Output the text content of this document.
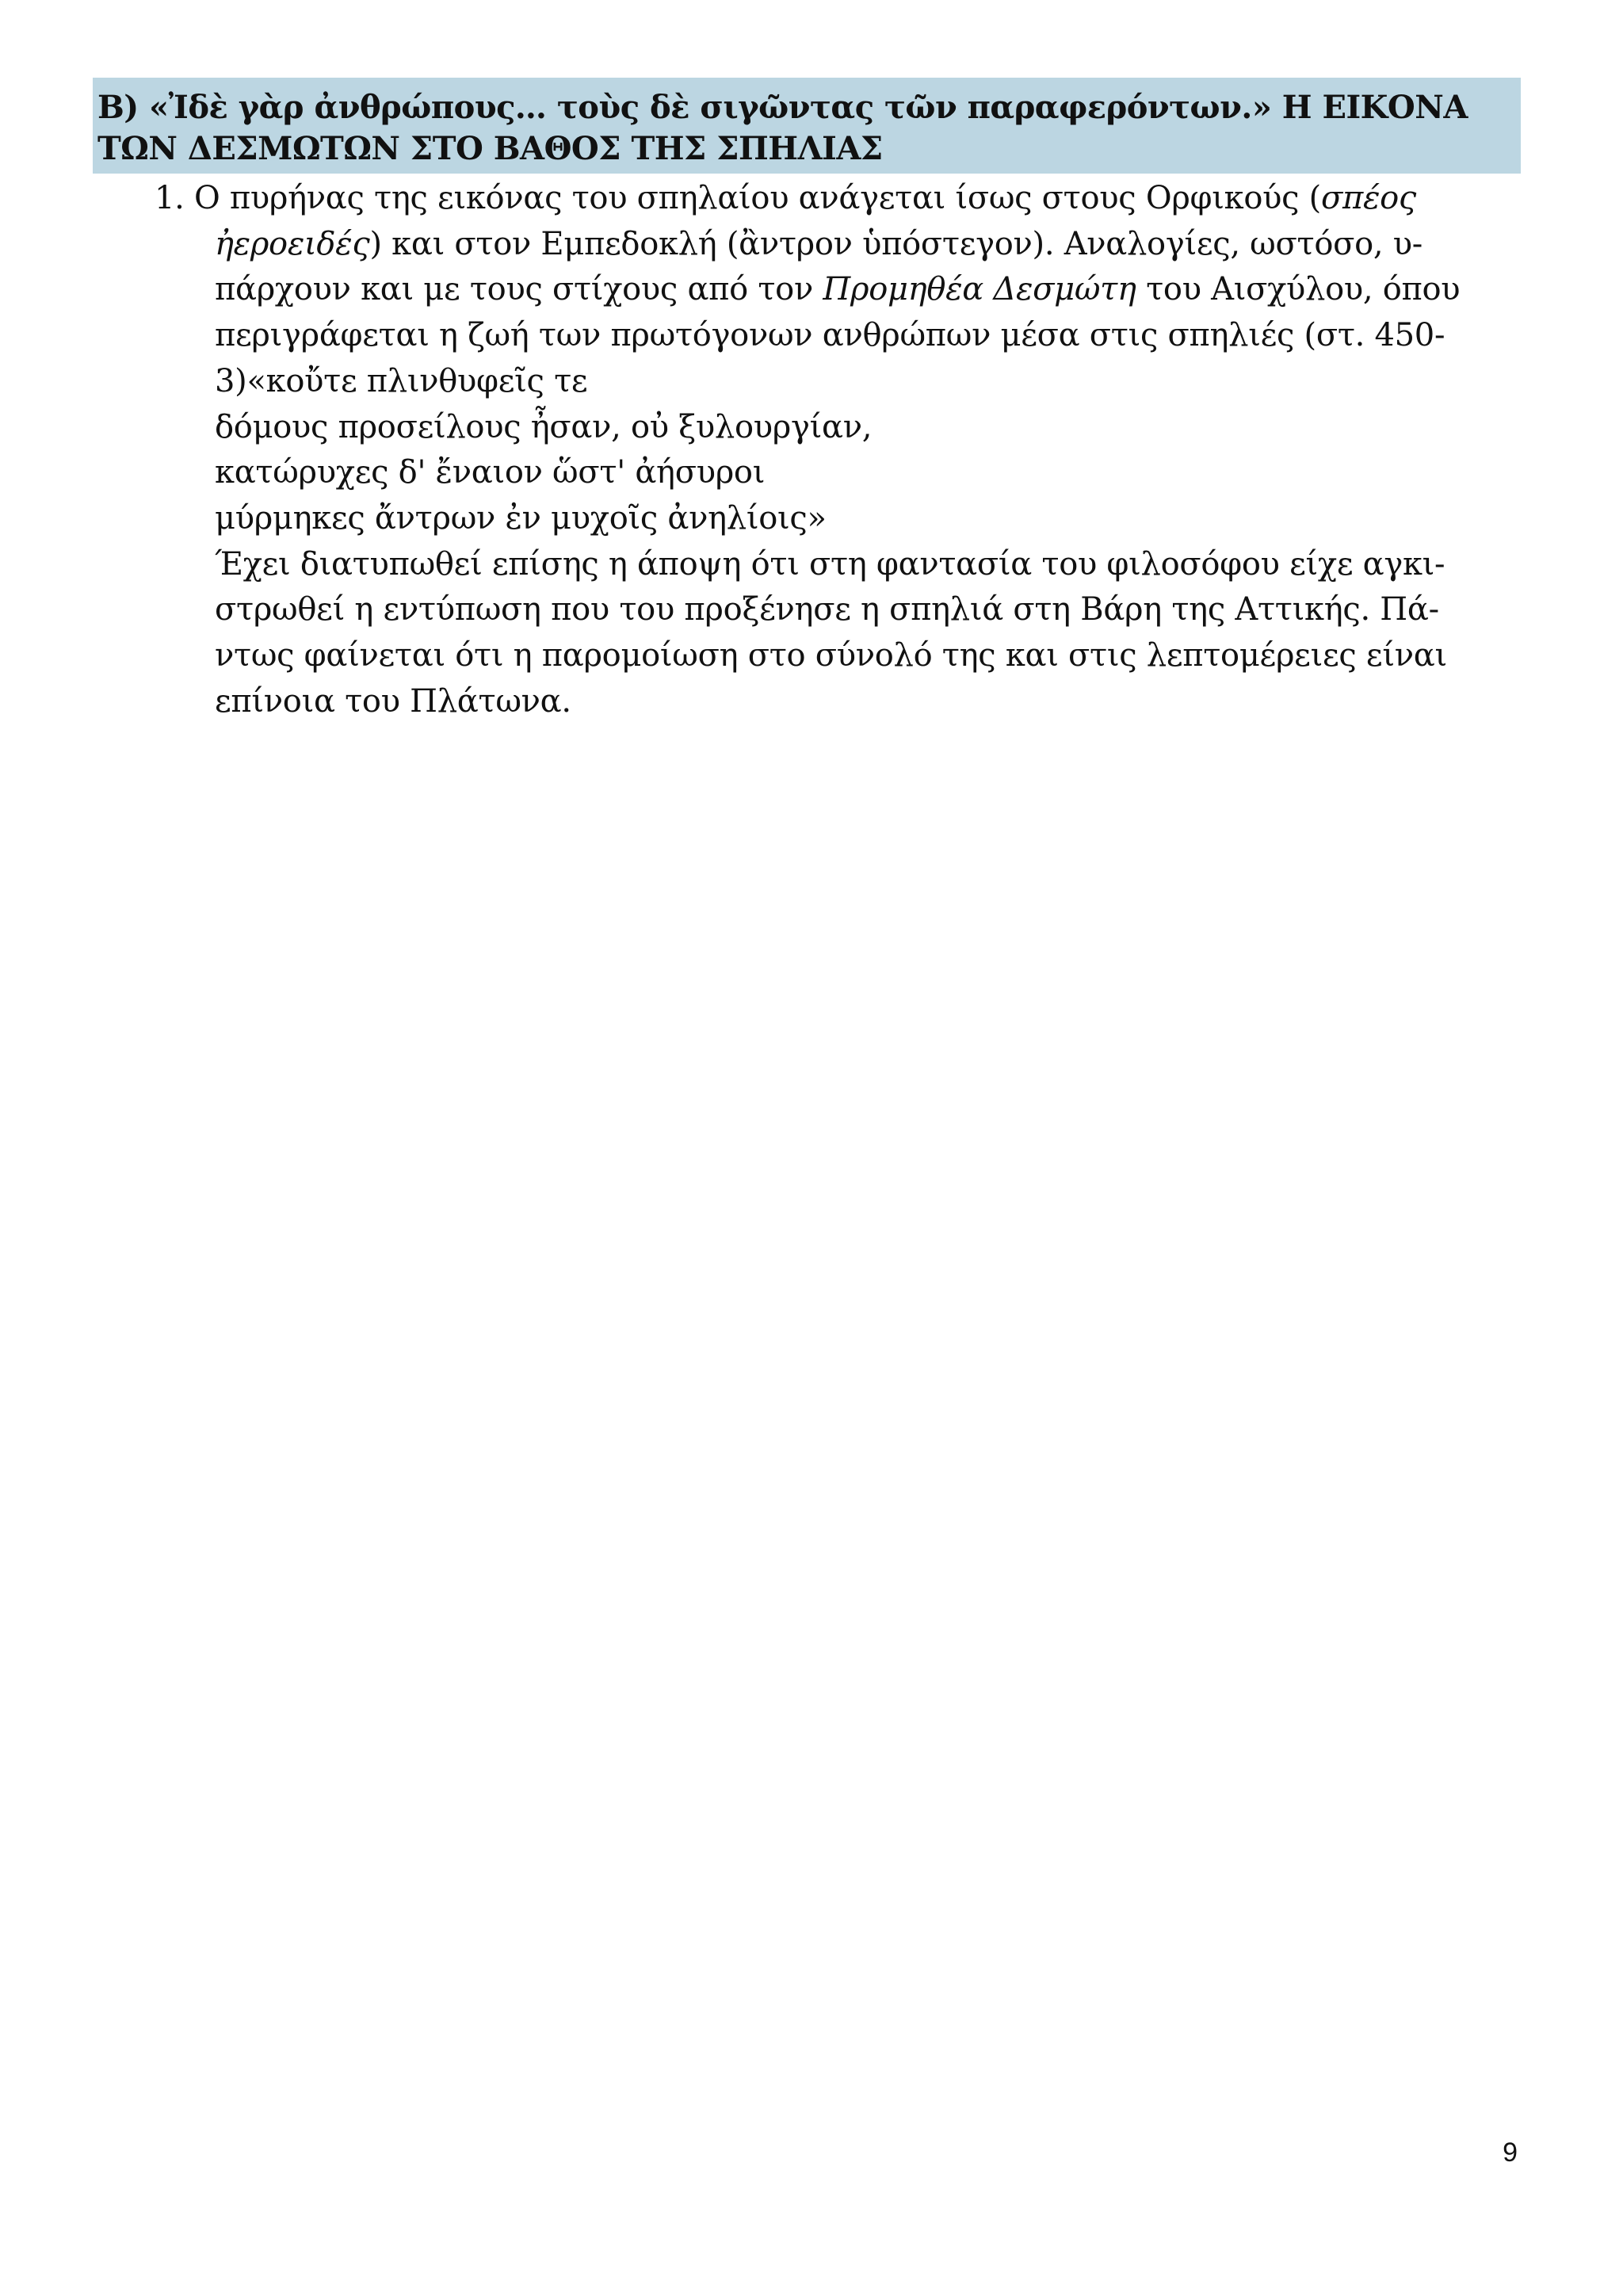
Β) «Ἰδὲ γὰρ ἀνθρώπους… τοὺς δὲ σιγῶντας τῶν παραφερόντων.» Η ΕΙΚΟΝΑ
ΤΩΝ ΔΕΣΜΩΤΩΝ ΣΤΟ ΒΑΘΟΣ ΤΗΣ ΣΠΗΛΙΑΣ
1. Ο πυρήνας της εικόνας του σπηλαίου ανάγεται ίσως στους Ορφικούς (σπέος
ἠεροειδές) και στον Εμπεδοκλή (ἂντρον ὑπόστεγον). Αναλογίες, ωστόσο, υ-
πάρχουν και με τους στίχους από τον Προμηθέα Δεσμώτη του Αισχύλου, όπου
περιγράφεται η ζωή των πρωτόγονων ανθρώπων μέσα στις σπηλιές (στ. 450-
3)«κοὔτε πλινθυφεῖς τε
δόμους προσείλους ἦσαν, οὐ ξυλουργίαν,
κατώρυχες δ' ἔναιον ὥστ' ἀήσυροι
μύρμηκες ἄντρων ἐν μυχοῖς ἀνηλίοις»
Έχει διατυπωθεί επίσης η άποψη ότι στη φαντασία του φιλοσόφου είχε αγκι-
στρωθεί η εντύπωση που του προξένησε η σπηλιά στη Βάρη της Αττικής. Πά-
ντως φαίνεται ότι η παρομοίωση στο σύνολό της και στις λεπτομέρειες είναι
επίνοια του Πλάτωνα.
9
